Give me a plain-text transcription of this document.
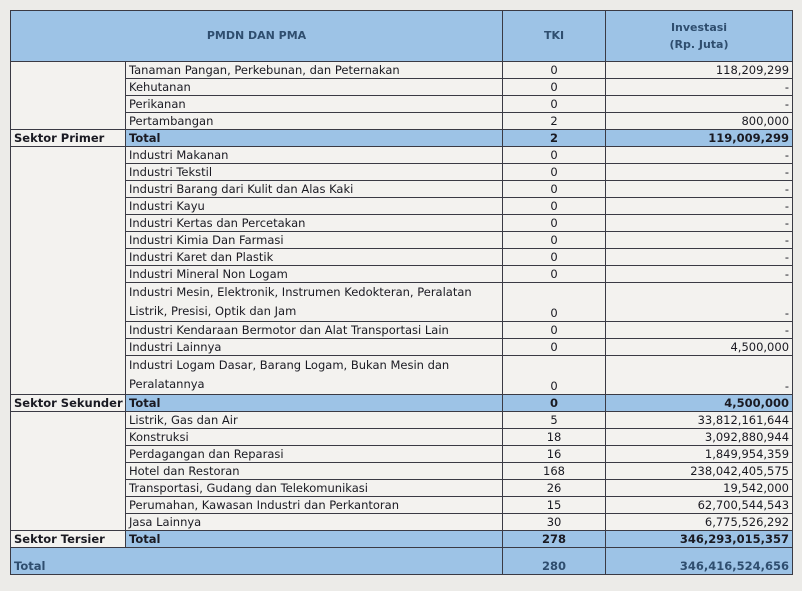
PMDN DAN PMA		TKI	Investasi
(Rp. Juta)
	Tanaman Pangan, Perkebunan, dan Peternakan	0	118,209,299
	Kehutanan	0	-
	Perikanan	0	-
	Pertambangan	2	800,000
Sektor Primer	Total	2	119,009,299
	Industri Makanan	0	-
	Industri Tekstil	0	-
	Industri Barang dari Kulit dan Alas Kaki	0	-
	Industri Kayu	0	-
	Industri Kertas dan Percetakan	0	-
	Industri Kimia Dan Farmasi	0	-
	Industri Karet dan Plastik	0	-
	Industri Mineral Non Logam	0	-
	Industri Mesin, Elektronik, Instrumen Kedokteran, Peralatan Listrik, Presisi, Optik dan Jam	0	-
	Industri Kendaraan Bermotor dan Alat Transportasi Lain	0	-
	Industri Lainnya	0	4,500,000
	Industri Logam Dasar, Barang Logam, Bukan Mesin dan Peralatannya	0	-
Sektor Sekunder	Total	0	4,500,000
	Listrik, Gas dan Air	5	33,812,161,644
	Konstruksi	18	3,092,880,944
	Perdagangan dan Reparasi	16	1,849,954,359
	Hotel dan Restoran	168	238,042,405,575
	Transportasi, Gudang dan Telekomunikasi	26	19,542,000
	Perumahan, Kawasan Industri dan Perkantoran	15	62,700,544,543
	Jasa Lainnya	30	6,775,526,292
Sektor Tersier	Total	278	346,293,015,357
Total		280	346,416,524,656
